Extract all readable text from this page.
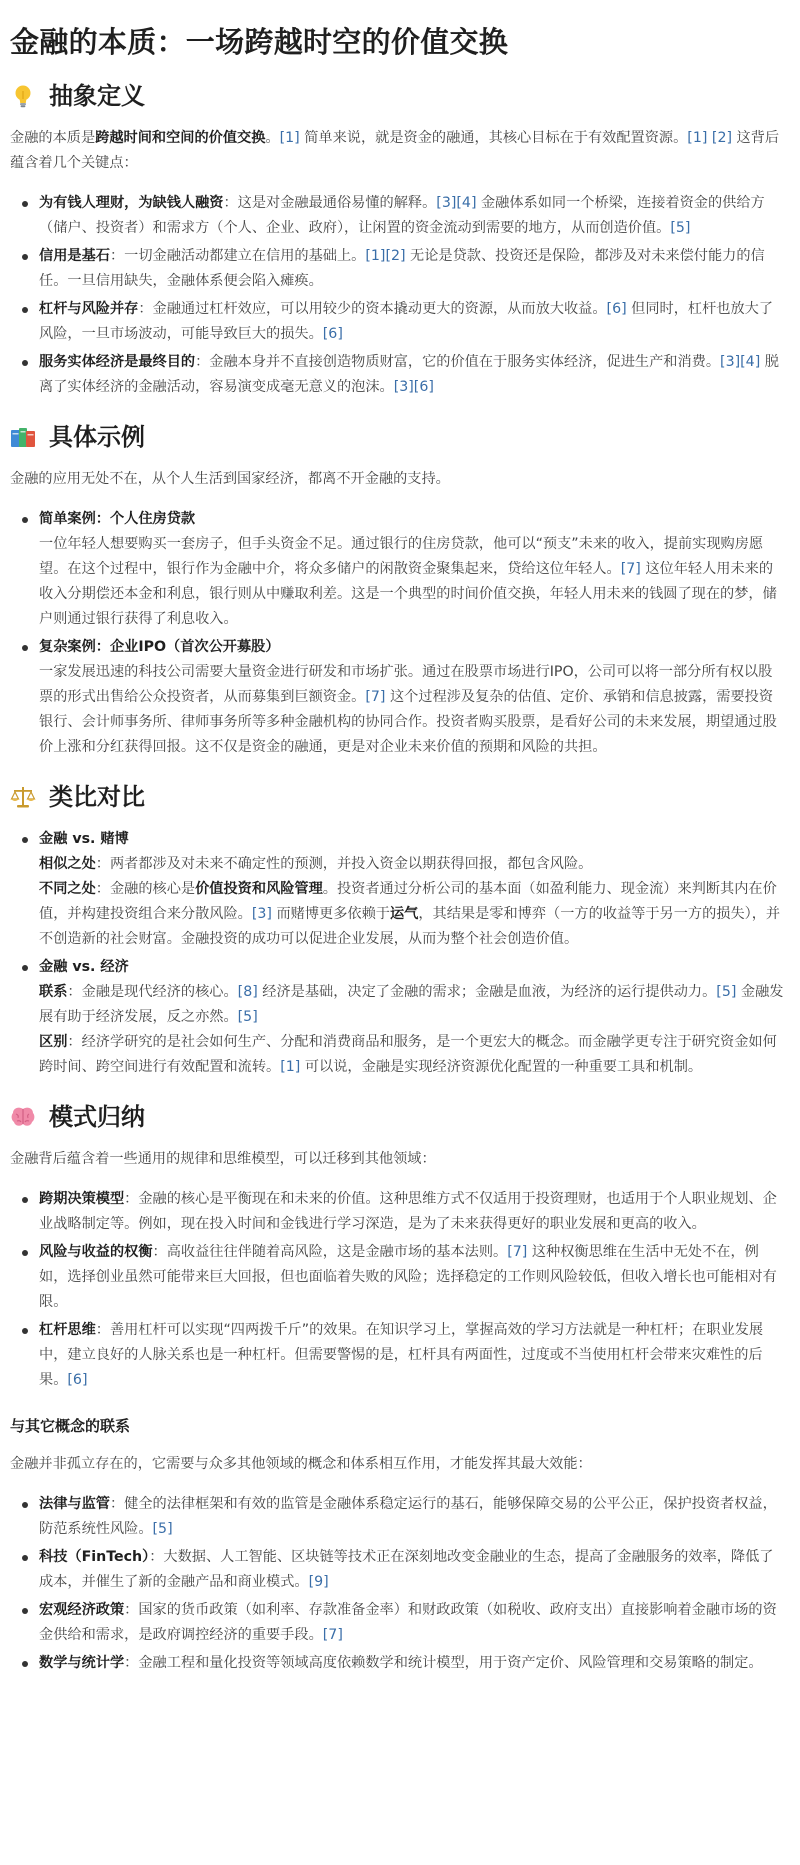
金融的本质：一场跨越时空的价值交换
抽象定义

金融的本质是跨越时间和空间的价值交换。[1] 简单来说，就是资金的融通，其核心目标在于有效配置资源。[1] [2] 这背后蕴含着几个关键点：

为有钱人理财，为缺钱人融资：这是对金融最通俗易懂的解释。[3][4] 金融体系如同一个桥梁，连接着资金的供给方（储户、投资者）和需求方（个人、企业、政府），让闲置的资金流动到需要的地方，从而创造价值。[5]
信用是基石：一切金融活动都建立在信用的基础上。[1][2] 无论是贷款、投资还是保险，都涉及对未来偿付能力的信任。一旦信用缺失，金融体系便会陷入瘫痪。
杠杆与风险并存：金融通过杠杆效应，可以用较少的资本撬动更大的资源，从而放大收益。[6] 但同时，杠杆也放大了风险，一旦市场波动，可能导致巨大的损失。[6]
服务实体经济是最终目的：金融本身并不直接创造物质财富，它的价值在于服务实体经济，促进生产和消费。[3][4] 脱离了实体经济的金融活动，容易演变成毫无意义的泡沫。[3][6]
具体示例

金融的应用无处不在，从个人生活到国家经济，都离不开金融的支持。

简单案例：个人住房贷款
一位年轻人想要购买一套房子，但手头资金不足。通过银行的住房贷款，他可以“预支”未来的收入，提前实现购房愿望。在这个过程中，银行作为金融中介，将众多储户的闲散资金聚集起来，贷给这位年轻人。[7] 这位年轻人用未来的收入分期偿还本金和利息，银行则从中赚取利差。这是一个典型的时间价值交换，年轻人用未来的钱圆了现在的梦，储户则通过银行获得了利息收入。
复杂案例：企业IPO（首次公开募股）
一家发展迅速的科技公司需要大量资金进行研发和市场扩张。通过在股票市场进行IPO，公司可以将一部分所有权以股票的形式出售给公众投资者，从而募集到巨额资金。[7] 这个过程涉及复杂的估值、定价、承销和信息披露，需要投资银行、会计师事务所、律师事务所等多种金融机构的协同合作。投资者购买股票，是看好公司的未来发展，期望通过股价上涨和分红获得回报。这不仅是资金的融通，更是对企业未来价值的预期和风险的共担。
类比对比
金融 vs. 赌博
相似之处：两者都涉及对未来不确定性的预测，并投入资金以期获得回报，都包含风险。
不同之处：金融的核心是价值投资和风险管理。投资者通过分析公司的基本面（如盈利能力、现金流）来判断其内在价值，并构建投资组合来分散风险。[3] 而赌博更多依赖于运气，其结果是零和博弈（一方的收益等于另一方的损失），并不创造新的社会财富。金融投资的成功可以促进企业发展，从而为整个社会创造价值。
金融 vs. 经济
联系：金融是现代经济的核心。[8] 经济是基础，决定了金融的需求；金融是血液，为经济的运行提供动力。[5] 金融发展有助于经济发展，反之亦然。[5]
区别：经济学研究的是社会如何生产、分配和消费商品和服务，是一个更宏大的概念。而金融学更专注于研究资金如何跨时间、跨空间进行有效配置和流转。[1] 可以说，金融是实现经济资源优化配置的一种重要工具和机制。
模式归纳

金融背后蕴含着一些通用的规律和思维模型，可以迁移到其他领域：

跨期决策模型：金融的核心是平衡现在和未来的价值。这种思维方式不仅适用于投资理财，也适用于个人职业规划、企业战略制定等。例如，现在投入时间和金钱进行学习深造，是为了未来获得更好的职业发展和更高的收入。
风险与收益的权衡：高收益往往伴随着高风险，这是金融市场的基本法则。[7] 这种权衡思维在生活中无处不在，例如，选择创业虽然可能带来巨大回报，但也面临着失败的风险；选择稳定的工作则风险较低，但收入增长也可能相对有限。
杠杆思维：善用杠杆可以实现“四两拨千斤”的效果。在知识学习上，掌握高效的学习方法就是一种杠杆；在职业发展中，建立良好的人脉关系也是一种杠杆。但需要警惕的是，杠杆具有两面性，过度或不当使用杠杆会带来灾难性的后果。[6]
与其它概念的联系

金融并非孤立存在的，它需要与众多其他领域的概念和体系相互作用，才能发挥其最大效能：

法律与监管：健全的法律框架和有效的监管是金融体系稳定运行的基石，能够保障交易的公平公正，保护投资者权益，防范系统性风险。[5]
科技（FinTech）：大数据、人工智能、区块链等技术正在深刻地改变金融业的生态，提高了金融服务的效率，降低了成本，并催生了新的金融产品和商业模式。[9]
宏观经济政策：国家的货币政策（如利率、存款准备金率）和财政政策（如税收、政府支出）直接影响着金融市场的资金供给和需求，是政府调控经济的重要手段。[7]
数学与统计学：金融工程和量化投资等领域高度依赖数学和统计模型，用于资产定价、风险管理和交易策略的制定。
